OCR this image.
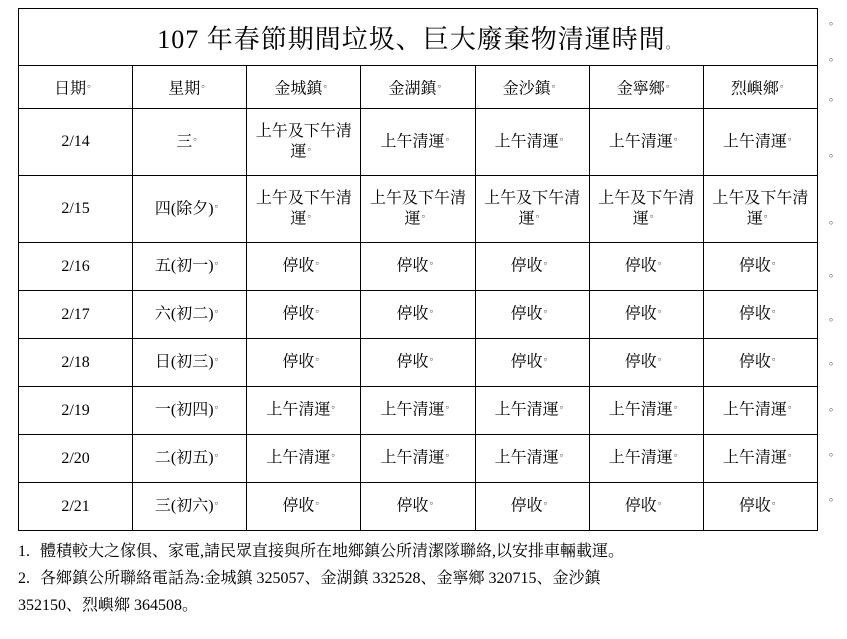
107 年春節期間垃圾、巨大廢棄物清運時間。						
日期。	星期。	金城鎮。	金湖鎮。	金沙鎮。	金寧鄉。	烈嶼鄉。
2/14	三。	上午及下午清運。	上午清運。	上午清運。	上午清運。	上午清運。
2/15	四(除夕)。	上午及下午清運。	上午及下午清運。	上午及下午清運。	上午及下午清運。	上午及下午清運。
2/16	五(初一)。	停收。	停收。	停收。	停收。	停收。
2/17	六(初二)。	停收。	停收。	停收。	停收。	停收。
2/18	日(初三)。	停收。	停收。	停收。	停收。	停收。
2/19	一(初四)。	上午清運。	上午清運。	上午清運。	上午清運。	上午清運。
2/20	二(初五)。	上午清運。	上午清運。	上午清運。	上午清運。	上午清運。
2/21	三(初六)。	停收。	停收。	停收。	停收。	停收。
1. 體積較大之傢俱、家電,請民眾直接與所在地鄉鎮公所清潔隊聯絡,以安排車輛載運。
2. 各鄉鎮公所聯絡電話為:金城鎮 325057、金湖鎮 332528、金寧鄉 320715、金沙鎮
352150、烈嶼鄉 364508。
。
。
。
。
。
。
。
。
。
。
。
